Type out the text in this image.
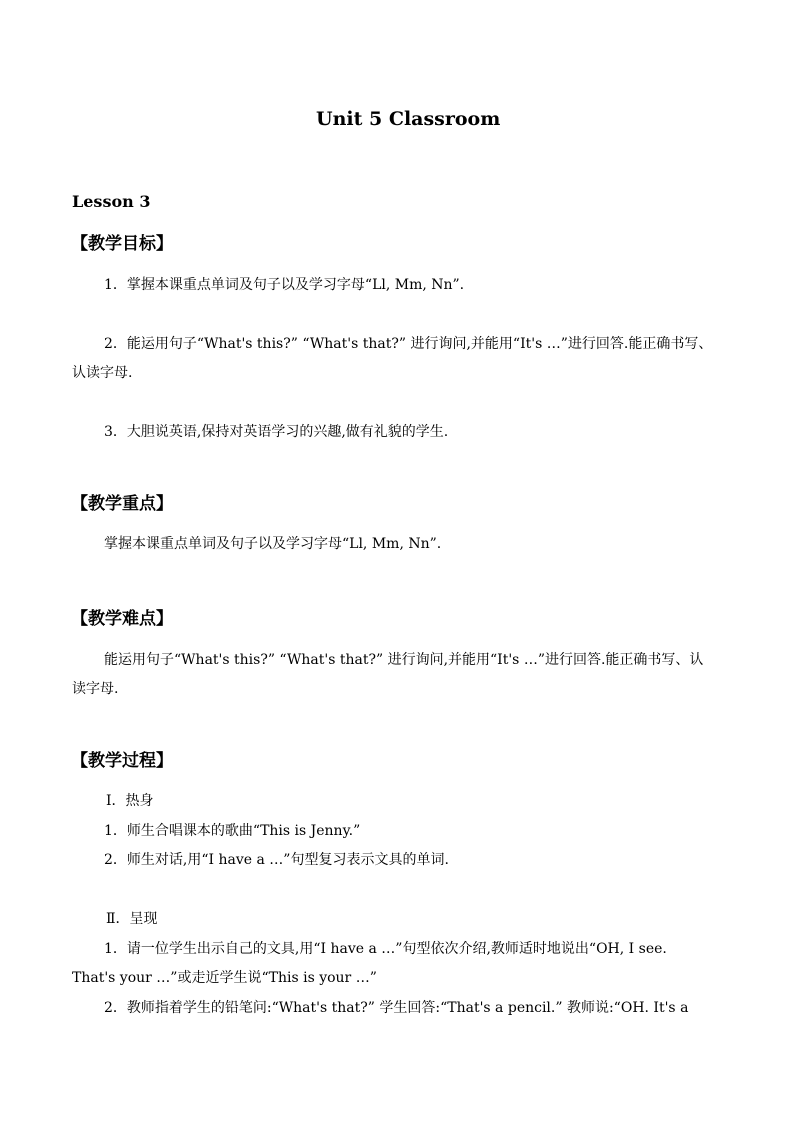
Unit 5 Classroom
Lesson 3
【教学目标】
1．掌握本课重点单词及句子以及学习字母“Ll, Mm, Nn”.
2．能运用句子“What's this?” “What's that?” 进行询问,并能用“It's …”进行回答.能正确书写、
认读字母.
3．大胆说英语,保持对英语学习的兴趣,做有礼貌的学生.
【教学重点】
掌握本课重点单词及句子以及学习字母“Ll, Mm, Nn”.
【教学难点】
能运用句子“What's this?” “What's that?” 进行询问,并能用“It's …”进行回答.能正确书写、认
读字母.
【教学过程】
Ⅰ．热身
1．师生合唱课本的歌曲“This is Jenny.”
2．师生对话,用“I have a …”句型复习表示文具的单词.
Ⅱ．呈现
1．请一位学生出示自己的文具,用“I have a …”句型依次介绍,教师适时地说出“OH, I see.
That's your …”或走近学生说“This is your …”
2．教师指着学生的铅笔问:“What's that?” 学生回答:“That's a pencil.” 教师说:“OH. It's a
